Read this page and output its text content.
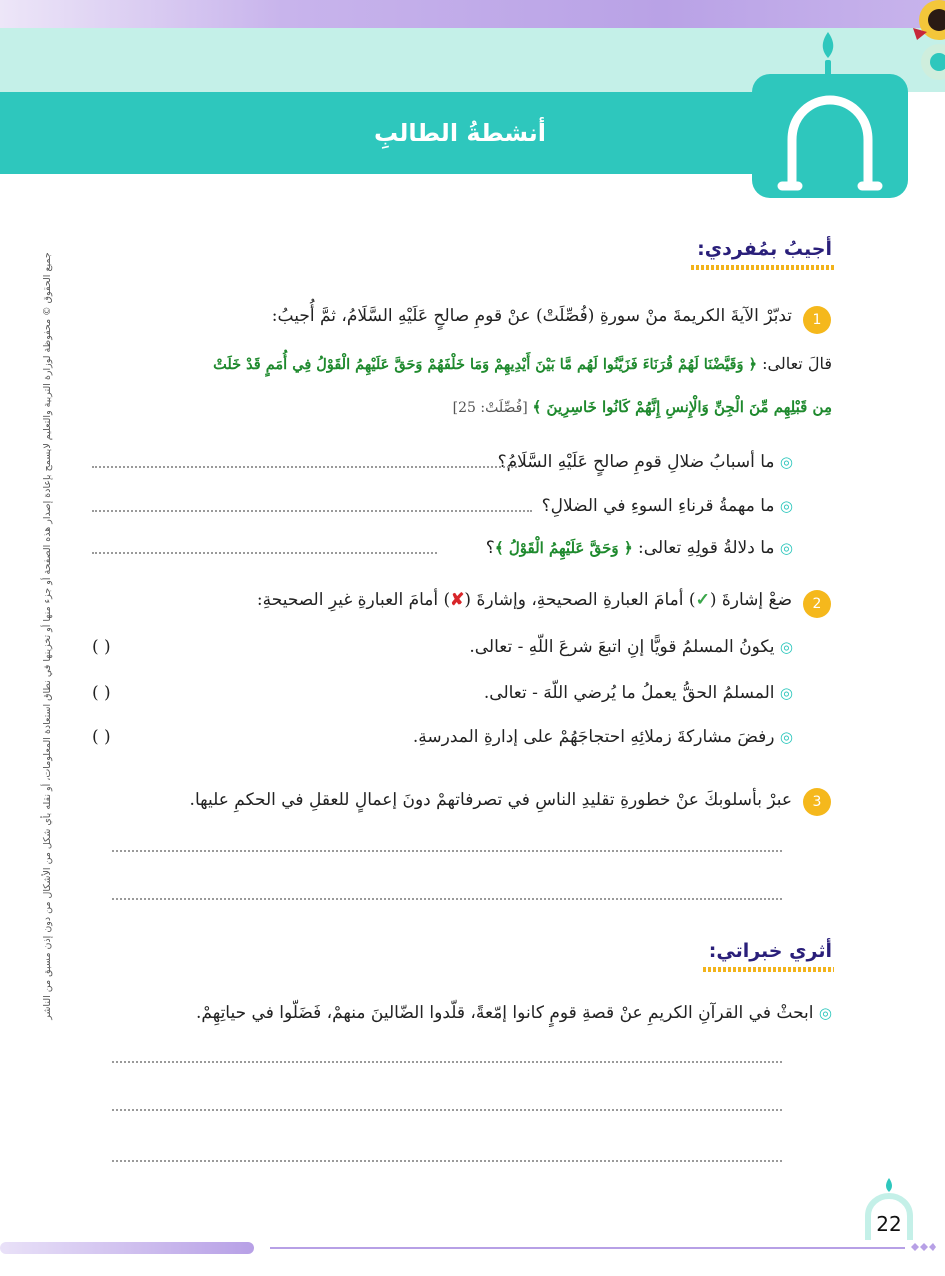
أنشطةُ الطالبِ
جميع الحقوق © محفوظة لوزارة التربية والتعليم لايسمح بإعادة إصدار هذه الصفحة أو جزء منها أو تخزينها في نطاق استعادة المعلومات، أو نقله بأي شكل من الأشكال من دون إذن مسبق من الناشر
أجيبُ بمُفردي:
1
تدبّرْ الآيةَ الكريمةَ منْ سورةِ (فُصِّلَتْ) عنْ قومِ صالحٍ عَلَيْهِ السَّلَامُ، ثمَّ أُجيبُ:
قالَ تعالى: ﴿ وَقَيَّضْنَا لَهُمْ قُرَنَاءَ فَزَيَّنُوا لَهُم مَّا بَيْنَ أَيْدِيهِمْ وَمَا خَلْفَهُمْ وَحَقَّ عَلَيْهِمُ الْقَوْلُ فِي أُمَمٍ قَدْ خَلَتْ
مِن قَبْلِهِم مِّنَ الْجِنِّ وَالْإِنسِ إِنَّهُمْ كَانُوا خَاسِرِينَ ﴾ [فُصِّلَتْ: 25]
◎ ما أسبابُ ضلالِ قومِ صالحٍ عَلَيْهِ السَّلَامُ؟
◎ ما مهمةُ قرناءِ السوءِ في الضلالِ؟
◎ ما دلالةُ قولِهِ تعالى: ﴿ وَحَقَّ عَلَيْهِمُ الْقَوْلُ ﴾؟
2
ضعْ إشارةَ (✓) أمامَ العبارةِ الصحيحةِ، وإشارةَ (✘) أمامَ العبارةِ غيرِ الصحيحةِ:
◎ يكونُ المسلمُ قويًّا إنِ اتبعَ شرعَ اللّهِ - تعالى.
( )
◎ المسلمُ الحقُّ يعملُ ما يُرضي اللّهَ - تعالى.
( )
◎ رفضَ مشاركةَ زملائِهِ احتجاجَهُمْ على إدارةِ المدرسةِ.
( )
3
عبرْ بأسلوبكَ عنْ خطورةِ تقليدِ الناسِ في تصرفاتهمْ دونَ إعمالٍ للعقلِ في الحكمِ عليها.
أثري خبراتي:
◎ ابحثْ في القرآنِ الكريمِ عنْ قصةِ قومٍ كانوا إمّعةً، قلّدوا الضّالينَ منهمْ، فَضَلّوا في حياتِهِمْ.
22
